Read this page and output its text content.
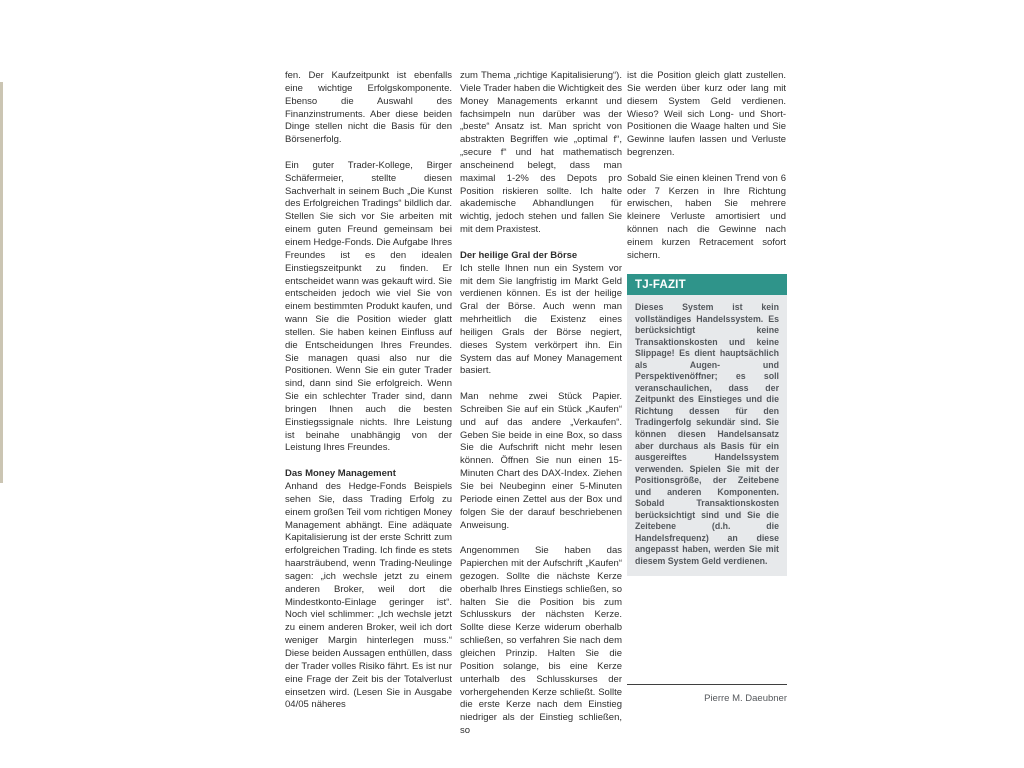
fen. Der Kaufzeitpunkt ist ebenfalls eine wichtige Erfolgskomponente. Ebenso die Auswahl des Finanzinstruments. Aber diese beiden Dinge stellen nicht die Basis für den Börsenerfolg.

Ein guter Trader-Kollege, Birger Schäfermeier, stellte diesen Sachverhalt in seinem Buch „Die Kunst des Erfolgreichen Tradings“ bildlich dar. Stellen Sie sich vor Sie arbeiten mit einem guten Freund gemeinsam bei einem Hedge-Fonds. Die Aufgabe Ihres Freundes ist es den idealen Einstiegszeitpunkt zu finden. Er entscheidet wann was gekauft wird. Sie entscheiden jedoch wie viel Sie von einem bestimmten Produkt kaufen, und wann Sie die Position wieder glatt stellen. Sie haben keinen Einfluss auf die Entscheidungen Ihres Freundes. Sie managen quasi also nur die Positionen. Wenn Sie ein guter Trader sind, dann sind Sie erfolgreich. Wenn Sie ein schlechter Trader sind, dann bringen Ihnen auch die besten Einstiegssignale nichts. Ihre Leistung ist beinahe unabhängig von der Leistung Ihres Freundes.

Das Money Management

Anhand des Hedge-Fonds Beispiels sehen Sie, dass Trading Erfolg zu einem großen Teil vom richtigen Money Management abhängt. Eine adäquate Kapitalisierung ist der erste Schritt zum erfolgreichen Trading. Ich finde es stets haarsträubend, wenn Trading-Neulinge sagen: „ich wechsle jetzt zu einem anderen Broker, weil dort die Mindestkonto-Einlage geringer ist“. Noch viel schlimmer: „Ich wechsle jetzt zu einem anderen Broker, weil ich dort weniger Margin hinterlegen muss.“ Diese beiden Aussagen enthüllen, dass der Trader volles Risiko fährt. Es ist nur eine Frage der Zeit bis der Totalverlust einsetzen wird. (Lesen Sie in Ausgabe 04/05 näheres

zum Thema „richtige Kapitalisierung“). Viele Trader haben die Wichtigkeit des Money Managements erkannt und fachsimpeln nun darüber was der „beste“ Ansatz ist. Man spricht von abstrakten Begriffen wie „optimal f“, „secure f“ und hat mathematisch anscheinend belegt, dass man maximal 1-2% des Depots pro Position riskieren sollte. Ich halte akademische Abhandlungen für wichtig, jedoch stehen und fallen Sie mit dem Praxistest.

Der heilige Gral der Börse

Ich stelle Ihnen nun ein System vor mit dem Sie langfristig im Markt Geld verdienen können. Es ist der heilige Gral der Börse. Auch wenn man mehrheitlich die Existenz eines heiligen Grals der Börse negiert, dieses System verkörpert ihn. Ein System das auf Money Management basiert.

Man nehme zwei Stück Papier. Schreiben Sie auf ein Stück „Kaufen“ und auf das andere „Verkaufen“. Geben Sie beide in eine Box, so dass Sie die Aufschrift nicht mehr lesen können. Öffnen Sie nun einen 15-Minuten Chart des DAX-Index. Ziehen Sie bei Neubeginn einer 5-Minuten Periode einen Zettel aus der Box und folgen Sie der darauf beschriebenen Anweisung.

Angenommen Sie haben das Papierchen mit der Aufschrift „Kaufen“ gezogen. Sollte die nächste Kerze oberhalb Ihres Einstiegs schließen, so halten Sie die Position bis zum Schlusskurs der nächsten Kerze. Sollte diese Kerze widerum oberhalb schließen, so verfahren Sie nach dem gleichen Prinzip. Halten Sie die Position solange, bis eine Kerze unterhalb des Schlusskurses der vorhergehenden Kerze schließt. Sollte die erste Kerze nach dem Einstieg niedriger als der Einstieg schließen, so

ist die Position gleich glatt zustellen. Sie werden über kurz oder lang mit diesem System Geld verdienen. Wieso? Weil sich Long- und Short-Positionen die Waage halten und Sie Gewinne laufen lassen und Verluste begrenzen.

Sobald Sie einen kleinen Trend von 6 oder 7 Kerzen in Ihre Richtung erwischen, haben Sie mehrere kleinere Verluste amortisiert und können nach die Gewinne nach einem kurzen Retracement sofort sichern.

TJ-FAZIT
Dieses System ist kein vollständiges Handelssystem. Es berücksichtigt keine Transaktionskosten und keine Slippage! Es dient hauptsächlich als Augen- und Perspektivenöffner; es soll veranschaulichen, dass der Zeitpunkt des Einstieges und die Richtung dessen für den Tradingerfolg sekundär sind. Sie können diesen Handelsansatz aber durchaus als Basis für ein ausgereiftes Handelssystem verwenden. Spielen Sie mit der Positionsgröße, der Zeitebene und anderen Komponenten. Sobald Transaktionskosten berücksichtigt sind und Sie die Zeitebene (d.h. die Handelsfrequenz) an diese angepasst haben, werden Sie mit diesem System Geld verdienen.
Pierre M. Daeubner
